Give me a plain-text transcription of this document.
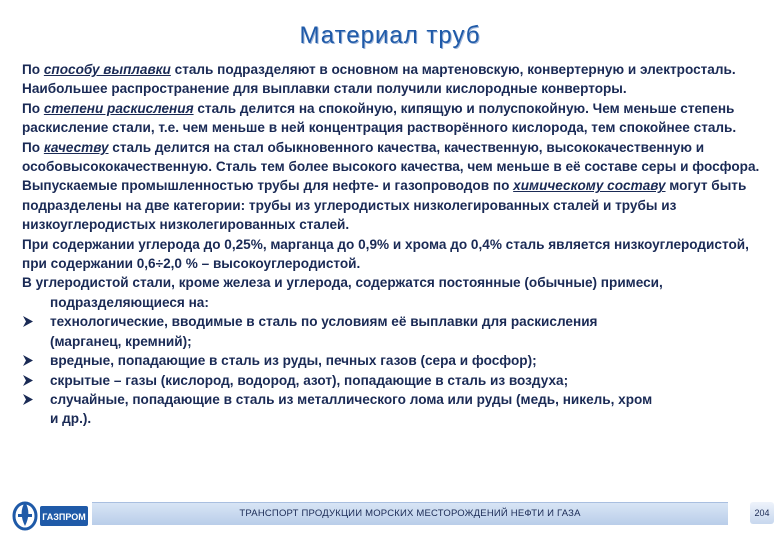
Материал труб

По способу выплавки сталь подразделяют в основном на мартеновскую, конвертерную и электросталь. Наибольшее распространение для выплавки стали получили кислородные конверторы.

По степени раскисления сталь делится на спокойную, кипящую и полуспокойную. Чем меньше степень раскисление стали, т.е. чем меньше в ней концентрация растворённого кислорода, тем спокойнее сталь.

По качеству сталь делится на стал обыкновенного качества, качественную, высококачественную и особовысококачественную. Сталь тем более высокого качества, чем меньше в её составе серы и фосфора.

Выпускаемые промышленностью трубы для нефте- и газопроводов по химическому составу могут быть подразделены на две категории: трубы из углеродистых низколегированных сталей и трубы из низкоуглеродистых низколегированных сталей.

При содержании углерода до 0,25%, марганца до 0,9% и хрома до 0,4% сталь является низкоуглеродистой, при содержании 0,6÷2,0 % – высокоуглеродистой.

В углеродистой стали, кроме железа и углерода, содержатся постоянные (обычные) примеси,

подразделяющиеся на:

технологические, вводимые в сталь по условиям её выплавки для раскисления
(марганец, кремний);
вредные, попадающие в сталь из руды, печных газов (сера и фосфор);
скрытые – газы (кислород, водород, азот), попадающие в сталь из воздуха;
случайные, попадающие в сталь из металлического лома или руды (медь, никель, хром
и др.).
ГАЗПРОМ	ТРАНСПОРТ ПРОДУКЦИИ МОРСКИХ МЕСТОРОЖДЕНИЙ НЕФТИ И ГАЗА	204
